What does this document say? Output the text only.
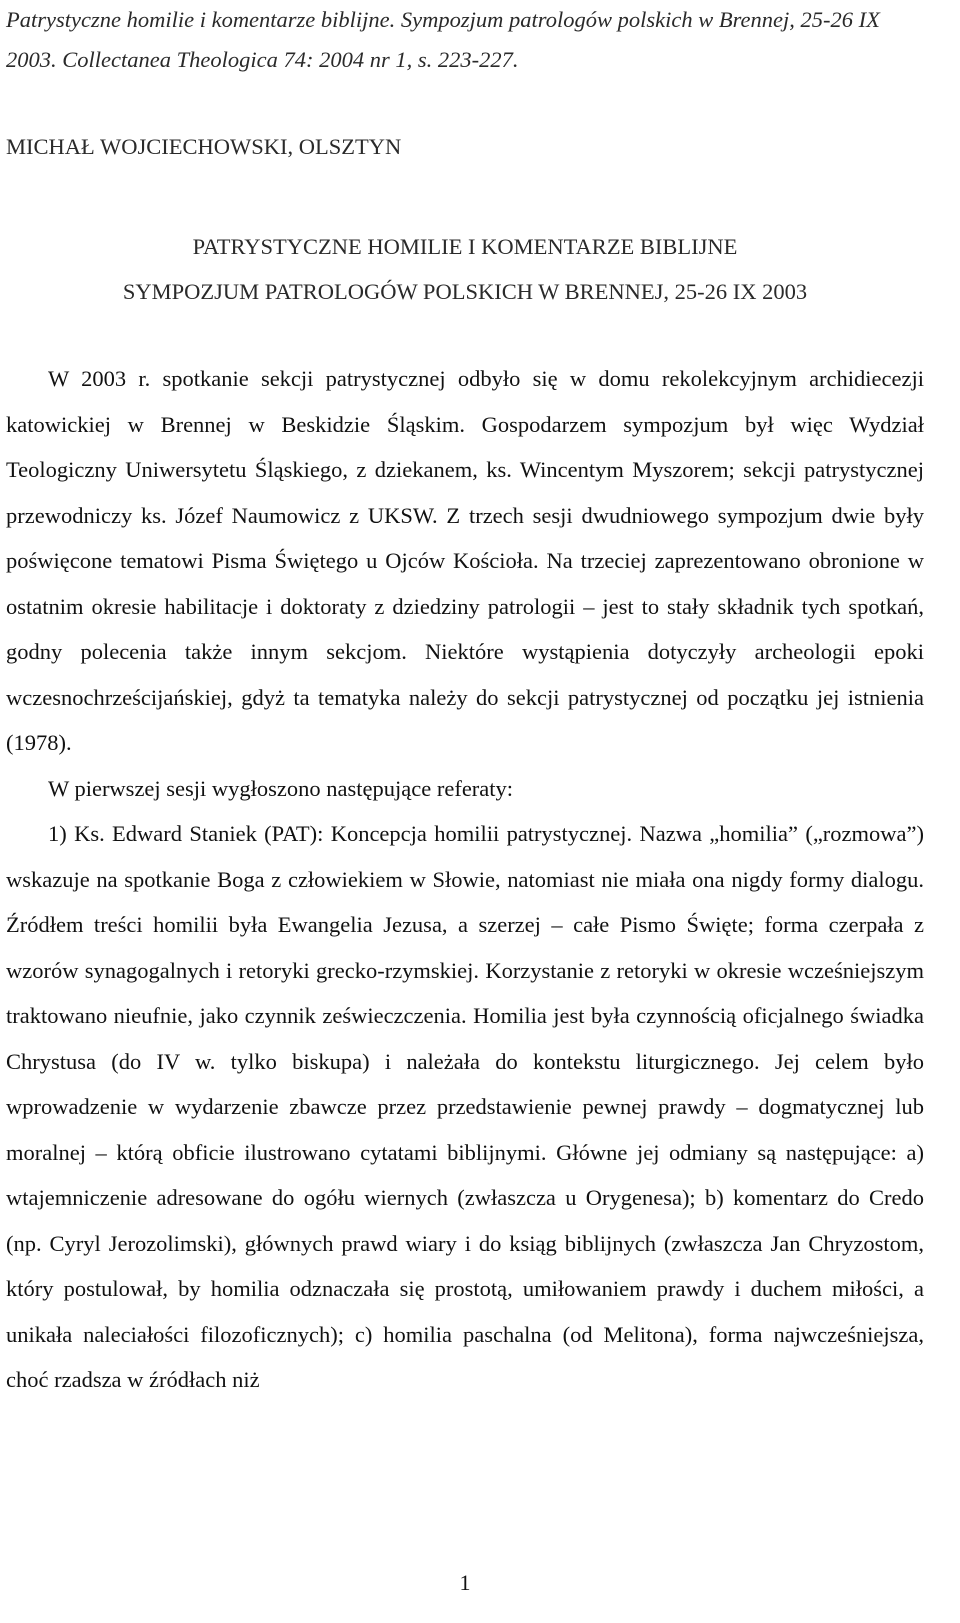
Patrystyczne homilie i komentarze biblijne. Sympozjum patrologów polskich w Brennej, 25-26 IX 2003. Collectanea Theologica 74: 2004 nr 1, s. 223-227.

MICHAŁ WOJCIECHOWSKI, OLSZTYN

PATRYSTYCZNE HOMILIE I KOMENTARZE BIBLIJNE
SYMPOZJUM PATROLOGÓW POLSKICH W BRENNEJ, 25-26 IX 2003

W 2003 r. spotkanie sekcji patrystycznej odbyło się w domu rekolekcyjnym archidiecezji katowickiej w Brennej w Beskidzie Śląskim. Gospodarzem sympozjum był więc Wydział Teologiczny Uniwersytetu Śląskiego, z dziekanem, ks. Wincentym Myszorem; sekcji patrystycznej przewodniczy ks. Józef Naumowicz z UKSW. Z trzech sesji dwudniowego sympozjum dwie były poświęcone tematowi Pisma Świętego u Ojców Kościoła. Na trzeciej zaprezentowano obronione w ostatnim okresie habilitacje i doktoraty z dziedziny patrologii – jest to stały składnik tych spotkań, godny polecenia także innym sekcjom. Niektóre wystąpienia dotyczyły archeologii epoki wczesnochrześcijańskiej, gdyż ta tematyka należy do sekcji patrystycznej od początku jej istnienia (1978).

W pierwszej sesji wygłoszono następujące referaty:

1) Ks. Edward Staniek (PAT): Koncepcja homilii patrystycznej. Nazwa „homilia” („rozmowa”) wskazuje na spotkanie Boga z człowiekiem w Słowie, natomiast nie miała ona nigdy formy dialogu. Źródłem treści homilii była Ewangelia Jezusa, a szerzej – całe Pismo Święte; forma czerpała z wzorów synagogalnych i retoryki grecko-rzymskiej. Korzystanie z retoryki w okresie wcześniejszym traktowano nieufnie, jako czynnik ześwieczczenia. Homilia jest była czynnością oficjalnego świadka Chrystusa (do IV w. tylko biskupa) i należała do kontekstu liturgicznego. Jej celem było wprowadzenie w wydarzenie zbawcze przez przedstawienie pewnej prawdy – dogmatycznej lub moralnej – którą obficie ilustrowano cytatami biblijnymi. Główne jej odmiany są następujące: a) wtajemniczenie adresowane do ogółu wiernych (zwłaszcza u Orygenesa); b) komentarz do Credo (np. Cyryl Jerozolimski), głównych prawd wiary i do ksiąg biblijnych (zwłaszcza Jan Chryzostom, który postulował, by homilia odznaczała się prostotą, umiłowaniem prawdy i duchem miłości, a unikała naleciałości filozoficznych); c) homilia paschalna (od Melitona), forma najwcześniejsza, choć rzadsza w źródłach niż

1
